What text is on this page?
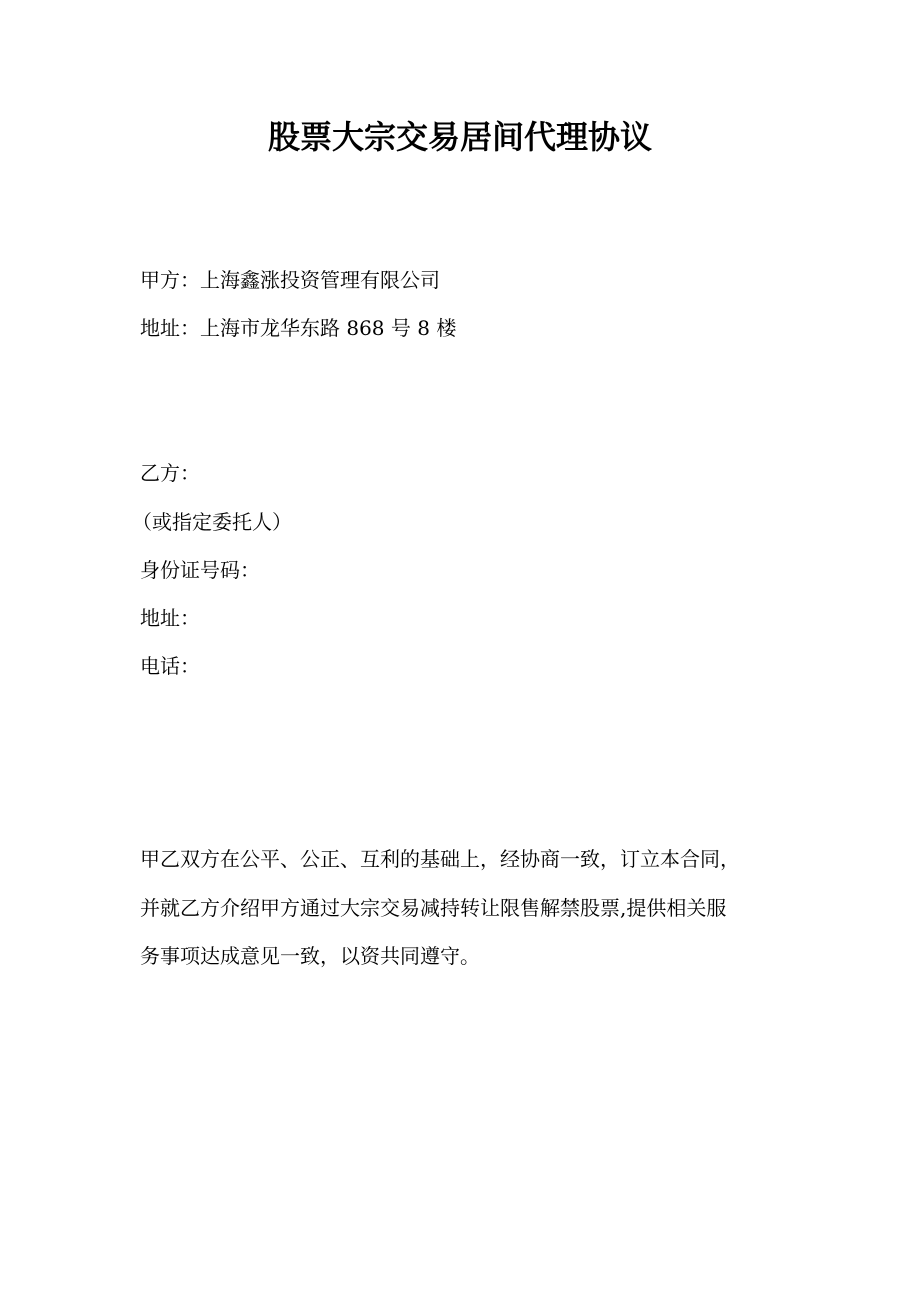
股票大宗交易居间代理协议
甲方：上海鑫涨投资管理有限公司
地址：上海市龙华东路 868 号 8 楼
乙方：
（或指定委托人）
身份证号码：
地址：
电话：
甲乙双方在公平、公正、互利的基础上，经协商一致，订立本合同，
并就乙方介绍甲方通过大宗交易减持转让限售解禁股票,提供相关服
务事项达成意见一致，以资共同遵守。
